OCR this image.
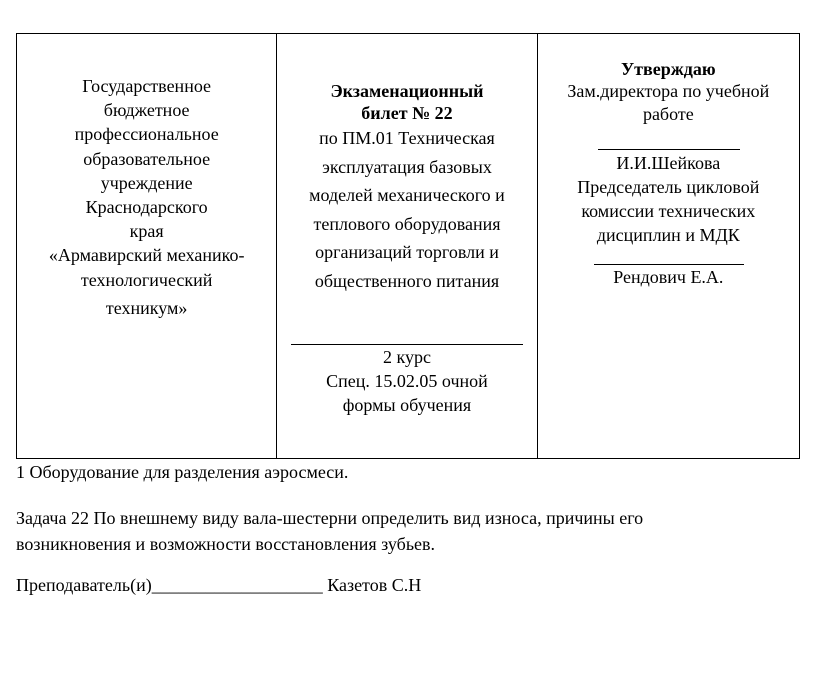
Государственное
бюджетное
профессиональное
образовательное
учреждение
Краснодарского
края
«Армавирский механико-
технологический
техникум»
Экзаменационный
билет № 22
по ПМ.01 Техническая
эксплуатация базовых
моделей механического и
теплового оборудования
организаций торговли и
общественного питания
2 курс
Спец. 15.02.05 очной
формы обучения
Утверждаю
Зам.директора по учебной
работе
И.И.Шейкова
Председатель цикловой
комиссии технических
дисциплин и МДК
Рендович Е.А.
1 Оборудование для разделения аэросмеси.
Задача 22 По внешнему виду вала-шестерни определить вид износа, причины его
возникновения и возможности восстановления зубьев.
Преподаватель(и)___________________ Казетов С.Н
